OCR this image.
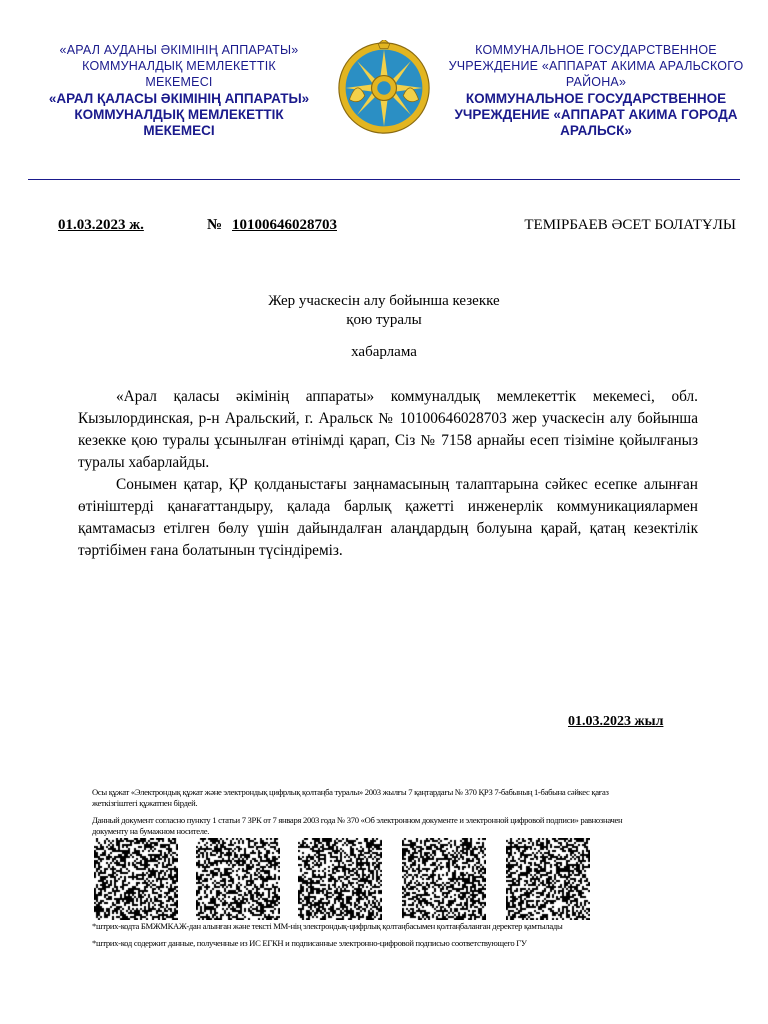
«АРАЛ АУДАНЫ ӘКІМІНІҢ АППАРАТЫ» КОММУНАЛДЫҚ МЕМЛЕКЕТТІК МЕКЕМЕСІ
«АРАЛ ҚАЛАСЫ ӘКІМІНІҢ АППАРАТЫ» КОММУНАЛДЫҚ МЕМЛЕКЕТТІК МЕКЕМЕСІ
КОММУНАЛЬНОЕ ГОСУДАРСТВЕННОЕ УЧРЕЖДЕНИЕ «АППАРАТ АКИМА АРАЛЬСКОГО РАЙОНА»
КОММУНАЛЬНОЕ ГОСУДАРСТВЕННОЕ УЧРЕЖДЕНИЕ «АППАРАТ АКИМА ГОРОДА АРАЛЬСК»
01.03.2023 ж.	№ 10100646028703	ТЕМІРБАЕВ ӘСЕТ БОЛАТҰЛЫ
Жер учаскесін алу бойынша кезекке
қою туралы
хабарлама

«Арал қаласы әкімінің аппараты» коммуналдық мемлекеттік мекемесі, обл. Кызылординская, р-н Аральский, г. Аральск № 10100646028703 жер учаскесін алу бойынша кезекке қою туралы ұсынылған өтінімді қарап, Сіз № 7158 арнайы есеп тізіміне қойылғаныз туралы хабарлайды.

Сонымен қатар, ҚР қолданыстағы заңнамасының талаптарына сәйкес есепке алынған өтініштерді қанағаттандыру, қалада барлық қажетті инженерлік коммуникациялармен қамтамасыз етілген бөлу үшін дайындалған алаңдардың болуына қарай, қатаң кезектілік тәртібімен ғана болатынын түсіндіреміз.

01.03.2023 жыл
Осы құжат «Электрондық құжат және электрондық цифрлық қолтаңба туралы» 2003 жылғы 7 қаңтардағы № 370 ҚРЗ 7-бабының 1-бабына сәйкес қағаз жеткізгіштегі құжатпен бірдей.
Данный документ согласно пункту 1 статьи 7 ЗРК от 7 января 2003 года № 370 «Об электронном документе и электронной цифровой подписи» равнозначен документу на бумажном носителе.
*штрих-кодта БМЖМКАЖ-дан алынған және тексті ММ-нің электрондық-цифрлық қолтаңбасымен қолтаңбаланған деректер қамтылады
*штрих-код содержит данные, полученные из ИС ЕГКН и подписанные электронно-цифровой подписью соответствующего ГУ
